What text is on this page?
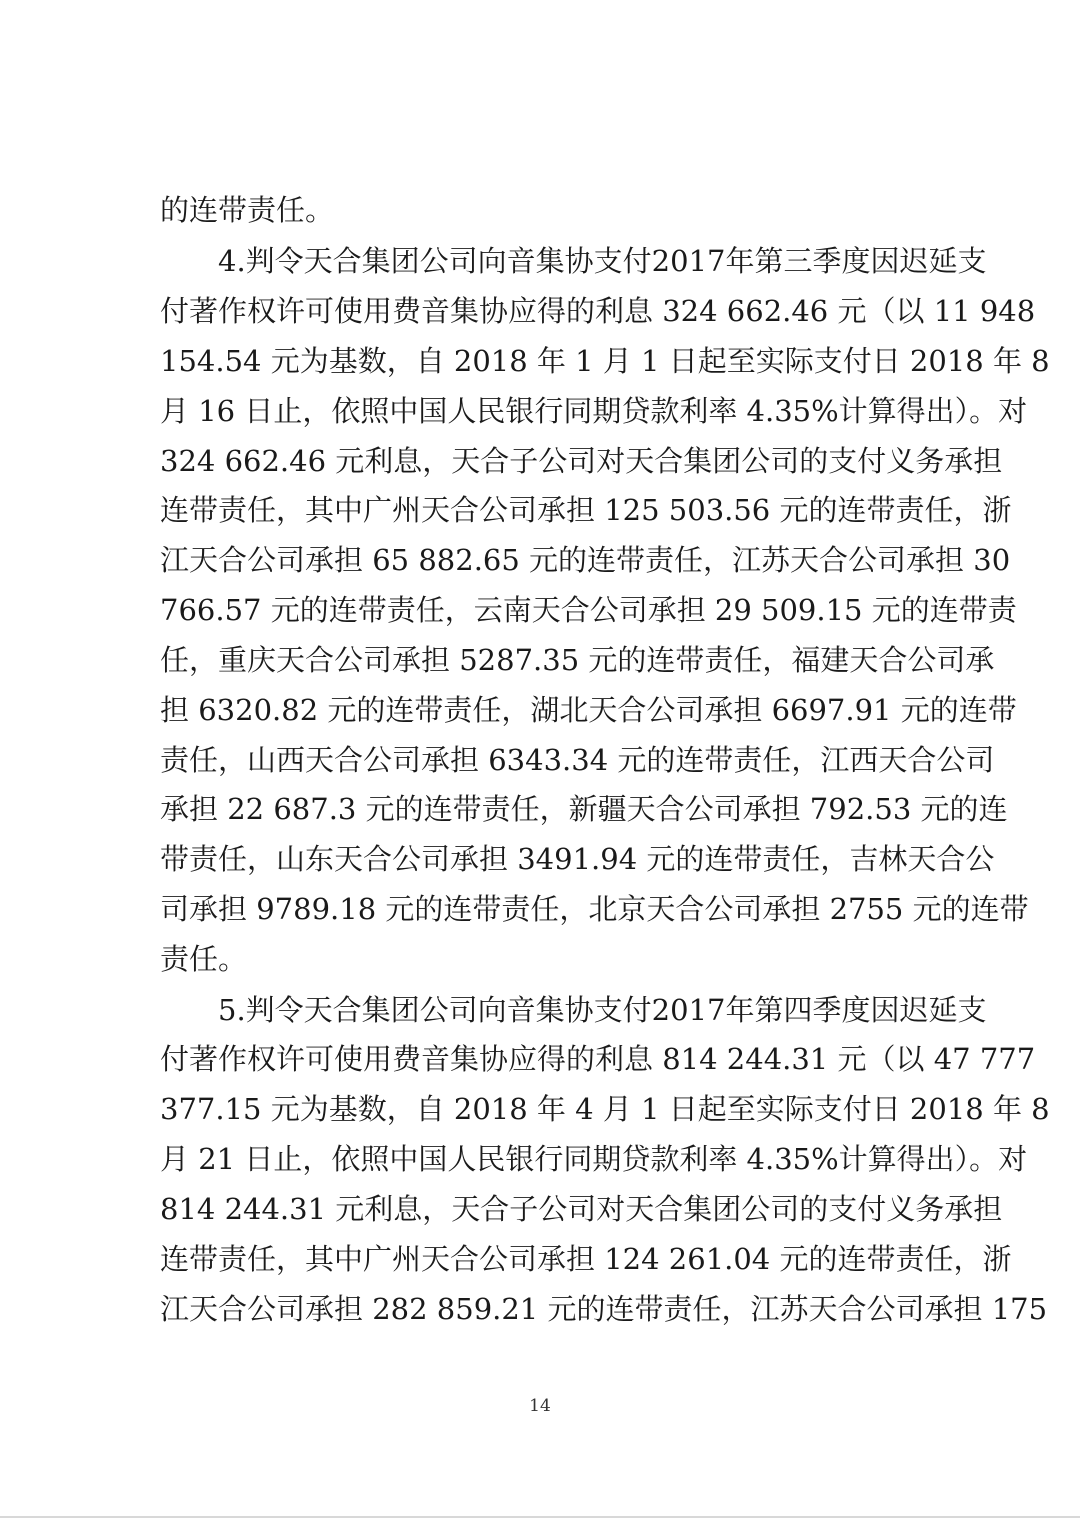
的连带责任。
4.判令天合集团公司向音集协支付2017年第三季度因迟延支
付著作权许可使用费音集协应得的利息 324 662.46 元（以 11 948
154.54 元为基数，自 2018 年 1 月 1 日起至实际支付日 2018 年 8
月 16 日止，依照中国人民银行同期贷款利率 4.35%计算得出）。对
324 662.46 元利息，天合子公司对天合集团公司的支付义务承担
连带责任，其中广州天合公司承担 125 503.56 元的连带责任，浙
江天合公司承担 65 882.65 元的连带责任，江苏天合公司承担 30
766.57 元的连带责任，云南天合公司承担 29 509.15 元的连带责
任，重庆天合公司承担 5287.35 元的连带责任，福建天合公司承
担 6320.82 元的连带责任，湖北天合公司承担 6697.91 元的连带
责任，山西天合公司承担 6343.34 元的连带责任，江西天合公司
承担 22 687.3 元的连带责任，新疆天合公司承担 792.53 元的连
带责任，山东天合公司承担 3491.94 元的连带责任，吉林天合公
司承担 9789.18 元的连带责任，北京天合公司承担 2755 元的连带
责任。
5.判令天合集团公司向音集协支付2017年第四季度因迟延支
付著作权许可使用费音集协应得的利息 814 244.31 元（以 47 777
377.15 元为基数，自 2018 年 4 月 1 日起至实际支付日 2018 年 8
月 21 日止，依照中国人民银行同期贷款利率 4.35%计算得出）。对
814 244.31 元利息，天合子公司对天合集团公司的支付义务承担
连带责任，其中广州天合公司承担 124 261.04 元的连带责任，浙
江天合公司承担 282 859.21 元的连带责任，江苏天合公司承担 175
14
